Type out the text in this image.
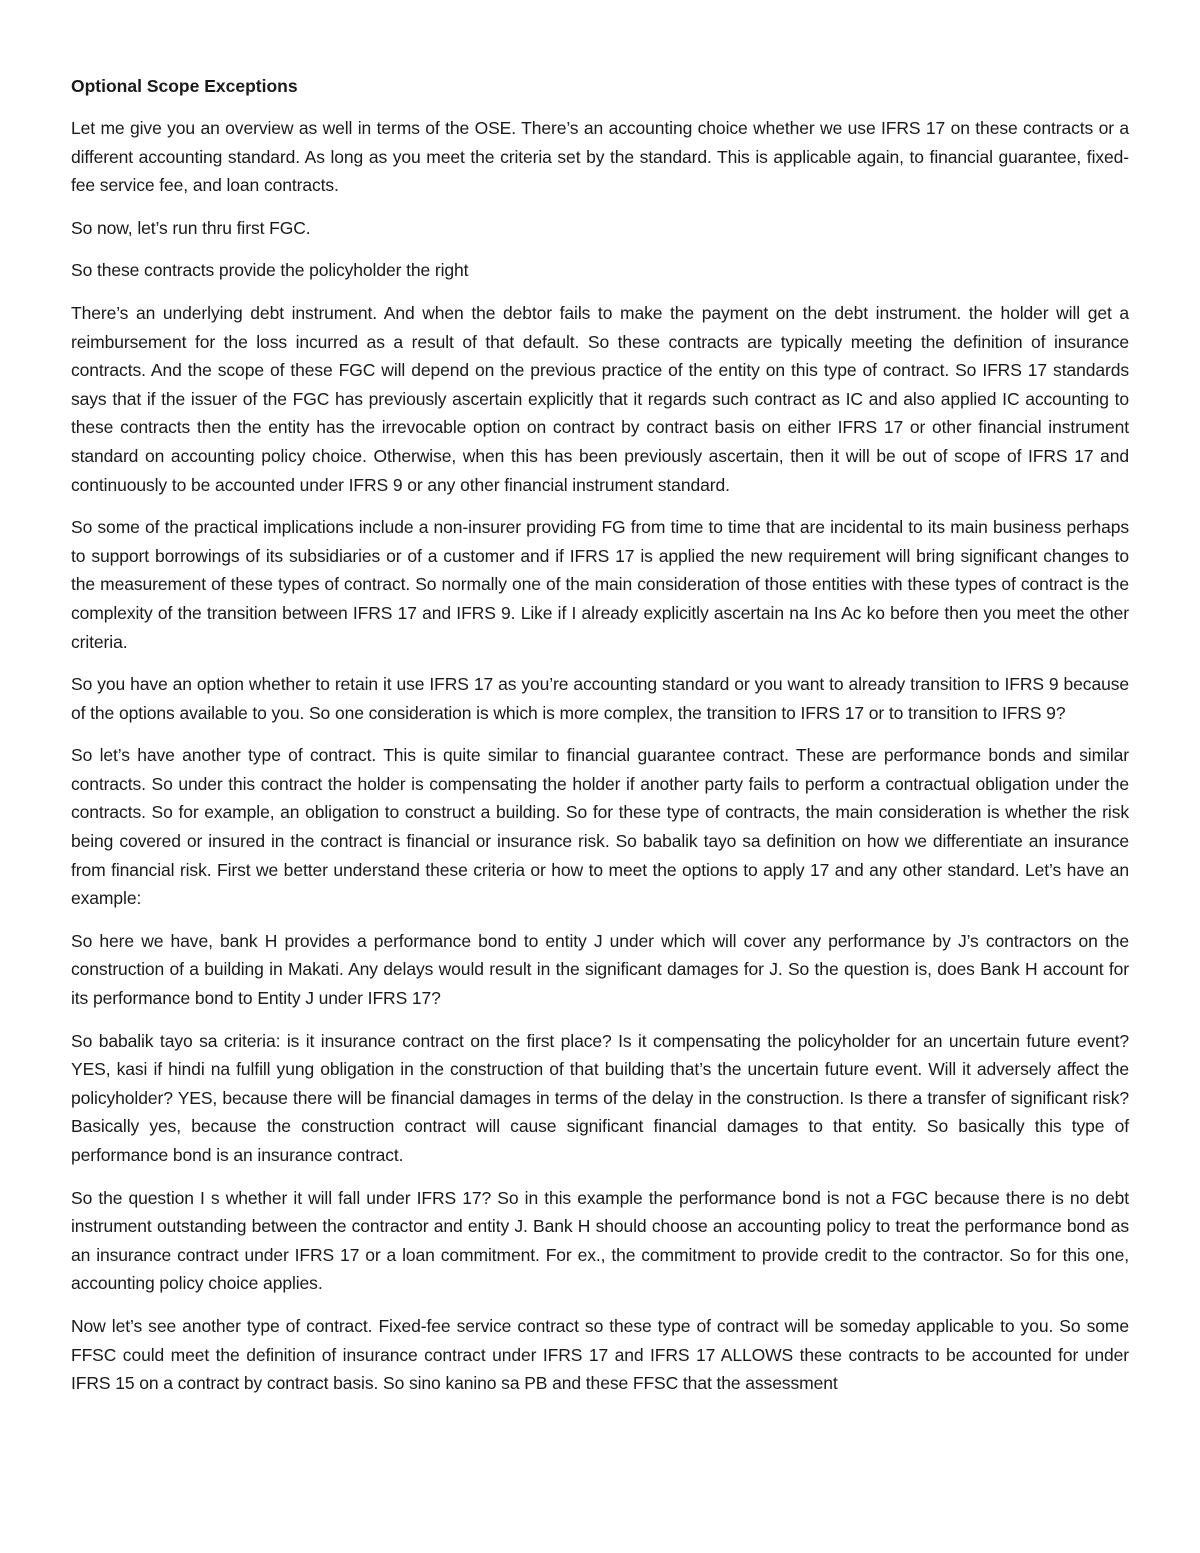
Optional Scope Exceptions

Let me give you an overview as well in terms of the OSE. There’s an accounting choice whether we use IFRS 17 on these contracts or a different accounting standard. As long as you meet the criteria set by the standard. This is applicable again, to financial guarantee, fixed-fee service fee, and loan contracts.

So now, let’s run thru first FGC.

So these contracts provide the policyholder the right

There’s an underlying debt instrument. And when the debtor fails to make the payment on the debt instrument. the holder will get a reimbursement for the loss incurred as a result of that default. So these contracts are typically meeting the definition of insurance contracts. And the scope of these FGC will depend on the previous practice of the entity on this type of contract. So IFRS 17 standards says that if the issuer of the FGC has previously ascertain explicitly that it regards such contract as IC and also applied IC accounting to these contracts then the entity has the irrevocable option on contract by contract basis on either IFRS 17 or other financial instrument standard on accounting policy choice. Otherwise, when this has been previously ascertain, then it will be out of scope of IFRS 17 and continuously to be accounted under IFRS 9 or any other financial instrument standard.

So some of the practical implications include a non-insurer providing FG from time to time that are incidental to its main business perhaps to support borrowings of its subsidiaries or of a customer and if IFRS 17 is applied the new requirement will bring significant changes to the measurement of these types of contract. So normally one of the main consideration of those entities with these types of contract is the complexity of the transition between IFRS 17 and IFRS 9. Like if I already explicitly ascertain na Ins Ac ko before then you meet the other criteria.

So you have an option whether to retain it use IFRS 17 as you’re accounting standard or you want to already transition to IFRS 9 because of the options available to you. So one consideration is which is more complex, the transition to IFRS 17 or to transition to IFRS 9?

So let’s have another type of contract. This is quite similar to financial guarantee contract. These are performance bonds and similar contracts. So under this contract the holder is compensating the holder if another party fails to perform a contractual obligation under the contracts. So for example, an obligation to construct a building. So for these type of contracts, the main consideration is whether the risk being covered or insured in the contract is financial or insurance risk. So babalik tayo sa definition on how we differentiate an insurance from financial risk. First we better understand these criteria or how to meet the options to apply 17 and any other standard. Let’s have an example:

So here we have, bank H provides a performance bond to entity J under which will cover any performance by J’s contractors on the construction of a building in Makati. Any delays would result in the significant damages for J. So the question is, does Bank H account for its performance bond to Entity J under IFRS 17?

So babalik tayo sa criteria: is it insurance contract on the first place? Is it compensating the policyholder for an uncertain future event? YES, kasi if hindi na fulfill yung obligation in the construction of that building that’s the uncertain future event. Will it adversely affect the policyholder? YES, because there will be financial damages in terms of the delay in the construction. Is there a transfer of significant risk? Basically yes, because the construction contract will cause significant financial damages to that entity. So basically this type of performance bond is an insurance contract.

So the question I s whether it will fall under IFRS 17? So in this example the performance bond is not a FGC because there is no debt instrument outstanding between the contractor and entity J. Bank H should choose an accounting policy to treat the performance bond as an insurance contract under IFRS 17 or a loan commitment. For ex., the commitment to provide credit to the contractor. So for this one, accounting policy choice applies.

Now let’s see another type of contract. Fixed-fee service contract so these type of contract will be someday applicable to you. So some FFSC could meet the definition of insurance contract under IFRS 17 and IFRS 17 ALLOWS these contracts to be accounted for under IFRS 15 on a contract by contract basis. So sino kanino sa PB and these FFSC that the assessment
